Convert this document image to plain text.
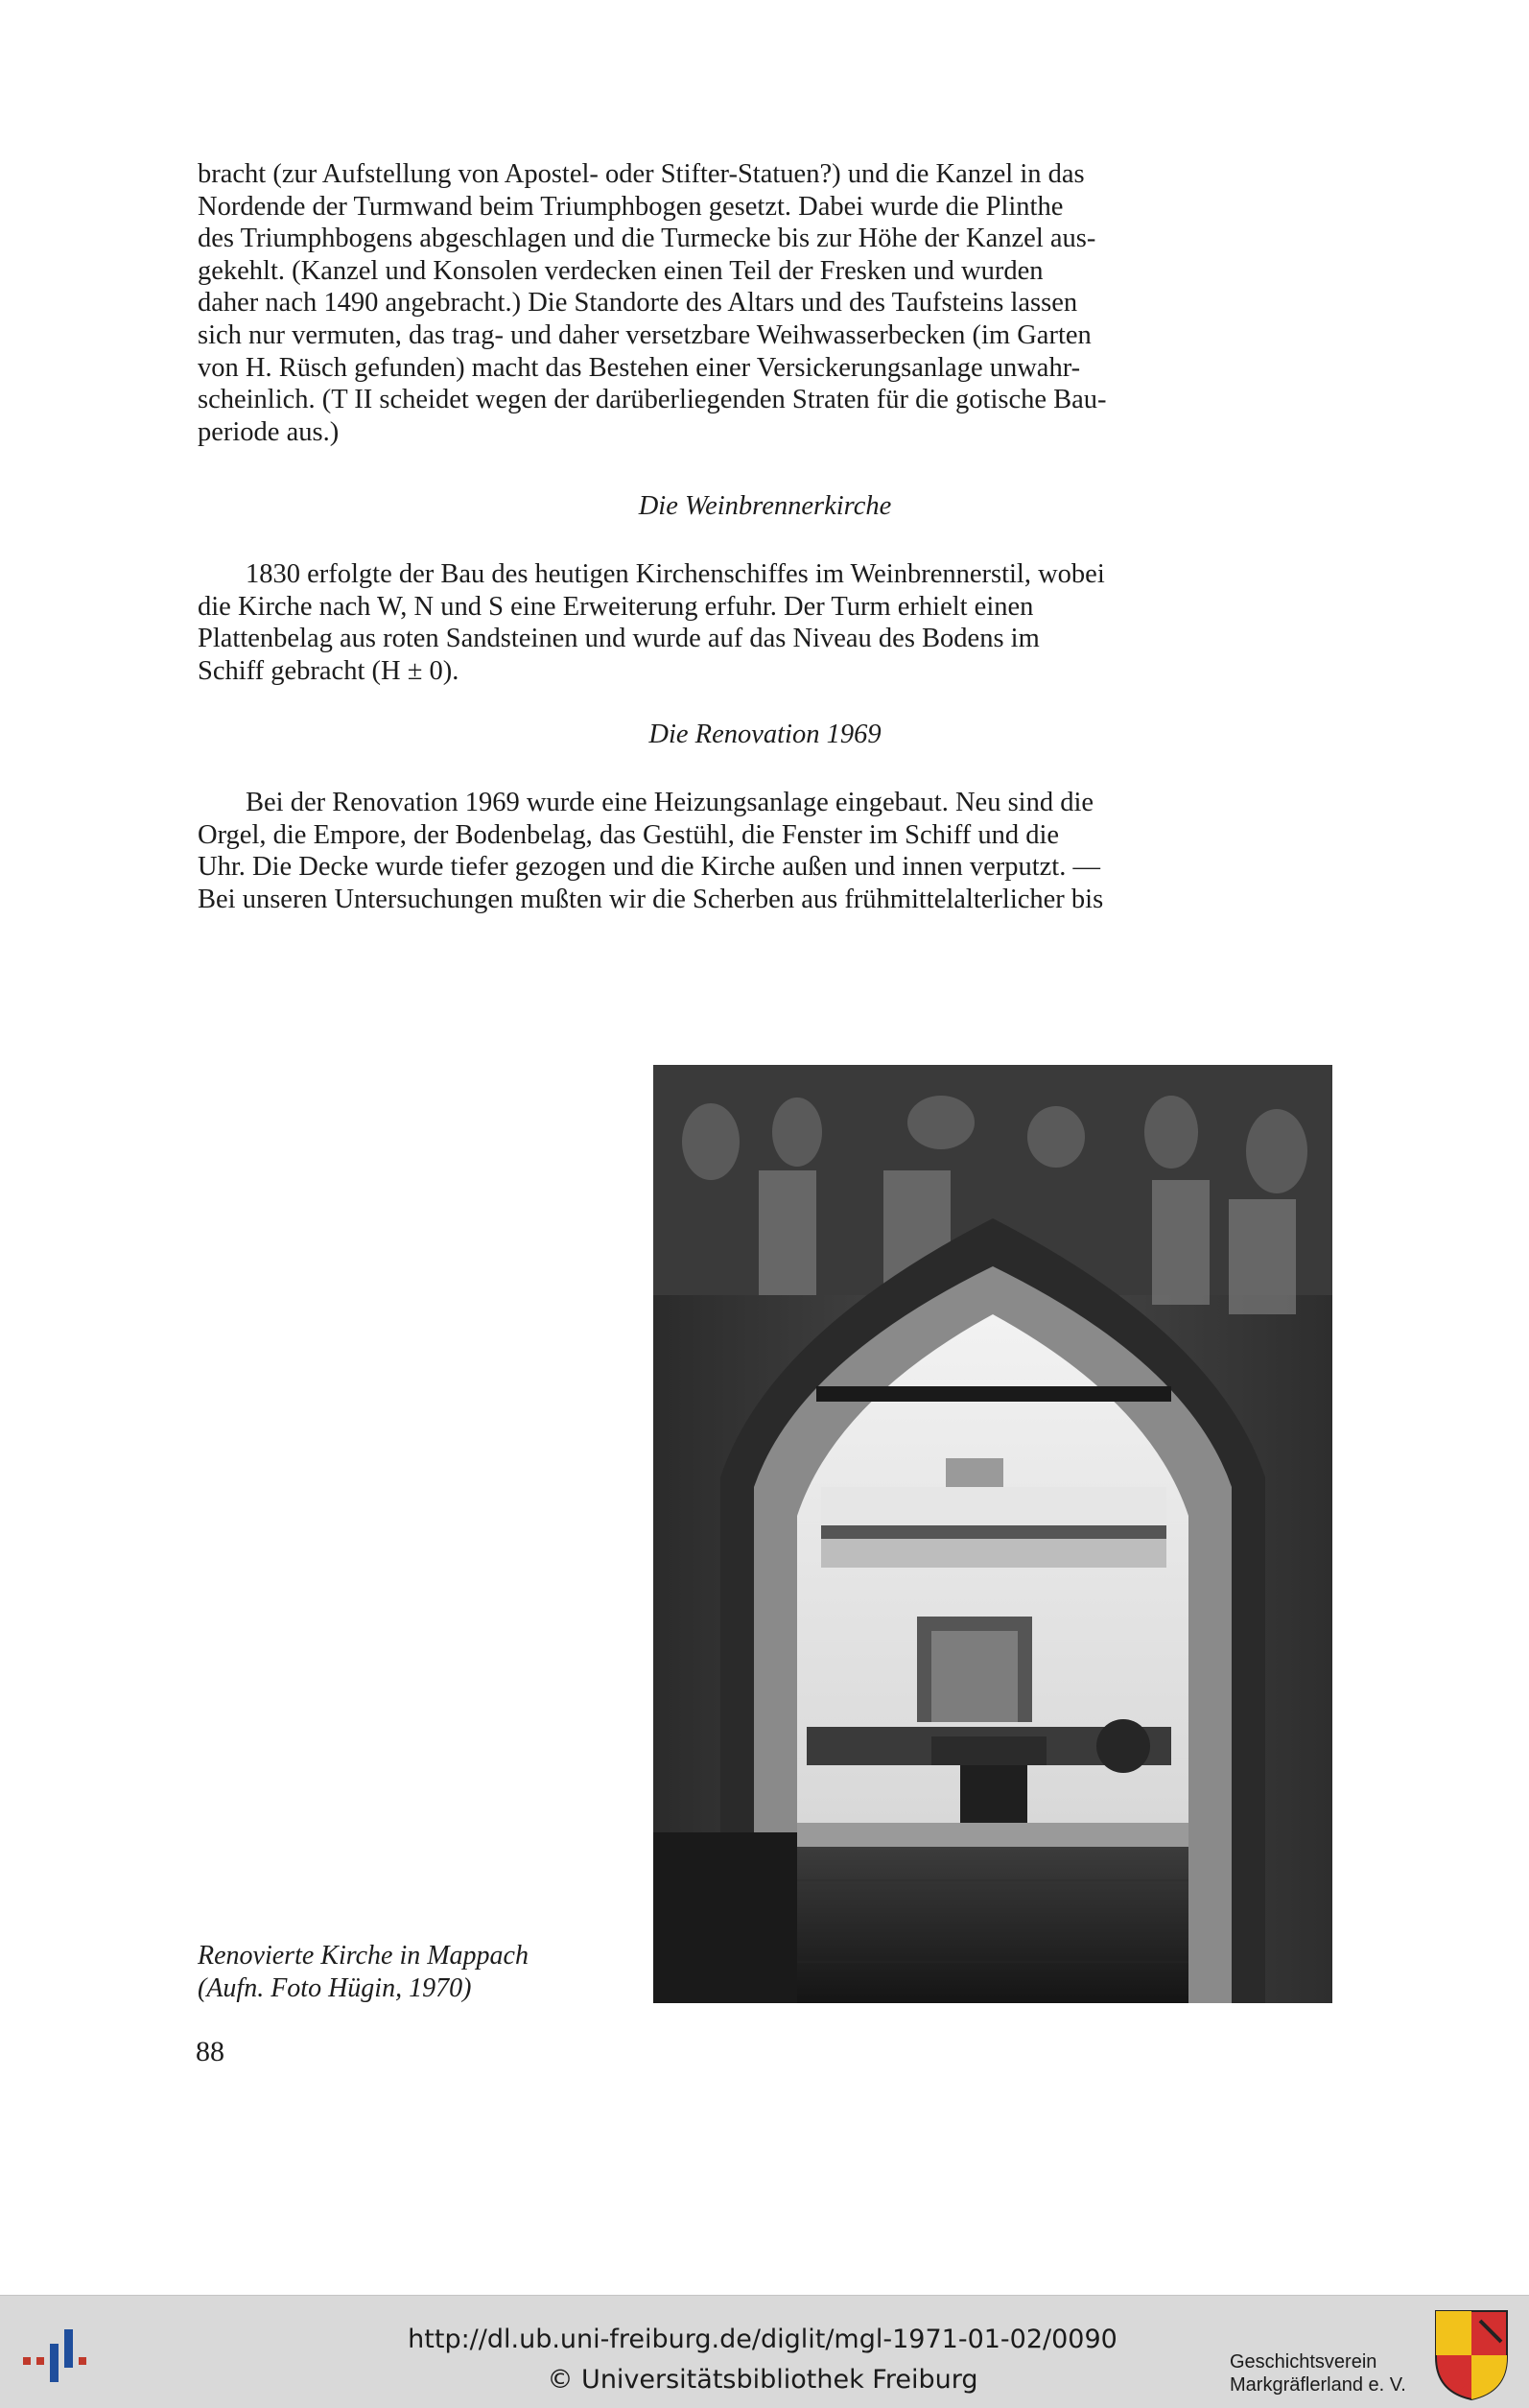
bracht (zur Aufstellung von Apostel- oder Stifter-Statuen?) und die Kanzel in das

Nordende der Turmwand beim Triumphbogen gesetzt. Dabei wurde die Plinthe

des Triumphbogens abgeschlagen und die Turmecke bis zur Höhe der Kanzel aus-

gekehlt. (Kanzel und Konsolen verdecken einen Teil der Fresken und wurden

daher nach 1490 angebracht.) Die Standorte des Altars und des Taufsteins lassen

sich nur vermuten, das trag- und daher versetzbare Weihwasserbecken (im Garten

von H. Rüsch gefunden) macht das Bestehen einer Versickerungsanlage unwahr-

scheinlich. (T II scheidet wegen der darüberliegenden Straten für die gotische Bau-

periode aus.)

Die Weinbrennerkirche

1830 erfolgte der Bau des heutigen Kirchenschiffes im Weinbrennerstil, wobei

die Kirche nach W, N und S eine Erweiterung erfuhr. Der Turm erhielt einen

Plattenbelag aus roten Sandsteinen und wurde auf das Niveau des Bodens im

Schiff gebracht (H ± 0).

Die Renovation 1969

Bei der Renovation 1969 wurde eine Heizungsanlage eingebaut. Neu sind die

Orgel, die Empore, der Bodenbelag, das Gestühl, die Fenster im Schiff und die

Uhr. Die Decke wurde tiefer gezogen und die Kirche außen und innen verputzt. —

Bei unseren Untersuchungen mußten wir die Scherben aus frühmittelalterlicher bis

Renovierte Kirche in Mappach
(Aufn. Foto Hügin, 1970)
88
http://dl.ub.uni-freiburg.de/diglit/mgl-1971-01-02/0090
© Universitätsbibliothek Freiburg
Geschichtsverein
Markgräflerland e. V.
